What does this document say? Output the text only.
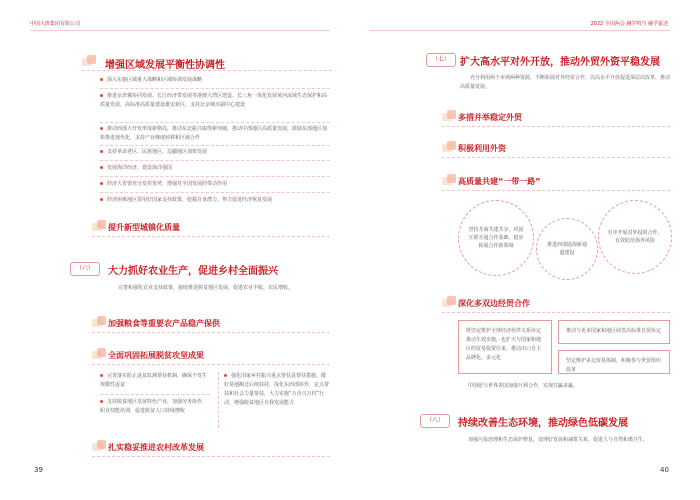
中国大唐集团有限公司
增强区域发展平衡性协调性
深入实施区域重大战略和区域协调发展战略
推进京津冀协同发展、长江经济带发展等港澳大湾区建设、长三角一体化发展黄河流域生态保护和高质量发展，高标准高质量建设雄安新区，支持北京城市副中心建设
推动西部大开发形成新格局，推动东北振兴取得新突破，推动中部地区高质量发展，鼓励东部地区加快推进现代化，支持产业梯度转移和区域合作
支持革命老区、民族地区、边疆地区加快发展
发展海洋经济，建设海洋强国
经济大省要充分发挥优势，增强对全国发展的带动作用
经济困难地区要用好国家支持政策，挖掘自身潜力，努力促进经济恢复发展
提升新型城镇化质量
（六）	大力抓好农业生产，促进乡村全面振兴
完善和强化农业支持政策，接续推进脱贫地区发展，促进农业丰收、农民增收。
加强粮食等重要农产品稳产保供
全面巩固拓展脱贫攻坚成果
完善落实防止返贫监测帮扶机制，确保不发生规模性返贫
支持脱贫地区发展特色产业，加强劳务协作、职业技能培训，促进脱贫人口持续增收
强化国家乡村振兴重点帮扶县帮扶措施，做好易地搬迁后续扶持，深化东西部协作，定点帮扶和社会力量帮扶，大力实施“万企兴万村”行动，增强脱贫地区自我发展能力
扎实稳妥推进农村改革发展
39
2022 全国两会 融学鸣当 融学篆述
（七）	扩大高水平对外开放，推动外贸外资平稳发展
充分利用两个市场两种资源，不断拓展对外经贸合作，以高水平开放促进深层次改革、推动高质量发展。
多措并举稳定外贸
积极利用外资
高质量共建“一带一路”
坚持共商共建共享，巩固互联互通合作基础，稳步拓展合作新领域	推进西部陆海新通道建设
有序开展对外投资合作，有效防范海外风险
深化多双边经贸合作
既坚定维护全球经济伙伴关系协定推动生效实施，也扩大与国家和地区的贸易投资往来，推动出口自主品牌化、多元化
推动与更多国家和地区商签高标准自贸协定
坚定维护多边贸易体制，积极参与世贸组织改革
中国愿与世界各国加强互利合作，实现共赢多赢。
（八）	持续改善生态环境，推动绿色低碳发展
加强污染治理和生态保护修复，处理好发展和减排关系，促进人与自然和谐共生。
40
